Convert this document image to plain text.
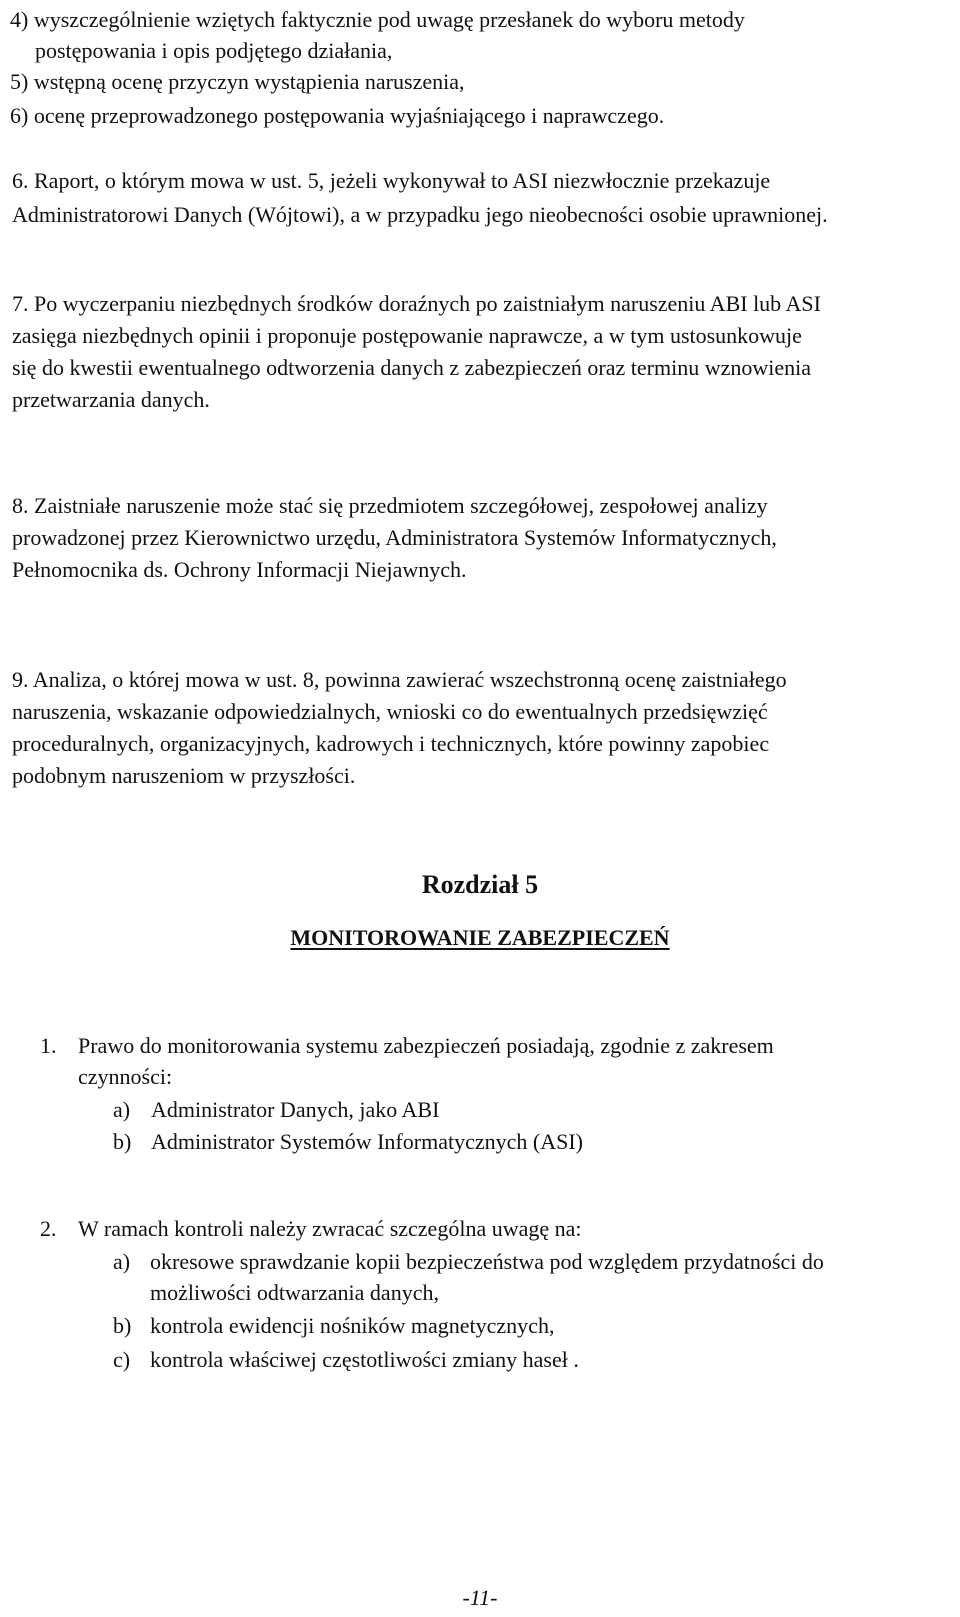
4) wyszczególnienie wziętych faktycznie pod uwagę przesłanek do wyboru metody
postępowania i opis podjętego działania,
5) wstępną ocenę przyczyn wystąpienia naruszenia,
6) ocenę przeprowadzonego postępowania wyjaśniającego i naprawczego.
6. Raport, o którym mowa w ust. 5, jeżeli wykonywał to ASI niezwłocznie przekazuje
Administratorowi Danych (Wójtowi), a w przypadku jego nieobecności osobie uprawnionej.
7. Po wyczerpaniu niezbędnych środków doraźnych po zaistniałym naruszeniu ABI lub ASI
zasięga niezbędnych opinii i proponuje postępowanie naprawcze, a w tym ustosunkowuje
się do kwestii ewentualnego odtworzenia danych z zabezpieczeń oraz terminu wznowienia
przetwarzania danych.
8. Zaistniałe naruszenie może stać się przedmiotem szczegółowej, zespołowej analizy
prowadzonej przez Kierownictwo urzędu, Administratora Systemów Informatycznych,
Pełnomocnika ds. Ochrony Informacji Niejawnych.
9. Analiza, o której mowa w ust. 8, powinna zawierać wszechstronną ocenę zaistniałego
naruszenia, wskazanie odpowiedzialnych, wnioski co do ewentualnych przedsięwzięć
proceduralnych, organizacyjnych, kadrowych i technicznych, które powinny zapobiec
podobnym naruszeniom w przyszłości.
Rozdział 5
MONITOROWANIE ZABEZPIECZEŃ
1. Prawo do monitorowania systemu zabezpieczeń posiadają, zgodnie z zakresem
czynności:
a) Administrator Danych, jako ABI
b) Administrator Systemów Informatycznych (ASI)
2. W ramach kontroli należy zwracać szczególna uwagę na:
a) okresowe sprawdzanie kopii bezpieczeństwa pod względem przydatności do
możliwości odtwarzania danych,
b) kontrola ewidencji nośników magnetycznych,
c) kontrola właściwej częstotliwości zmiany haseł .
-11-
